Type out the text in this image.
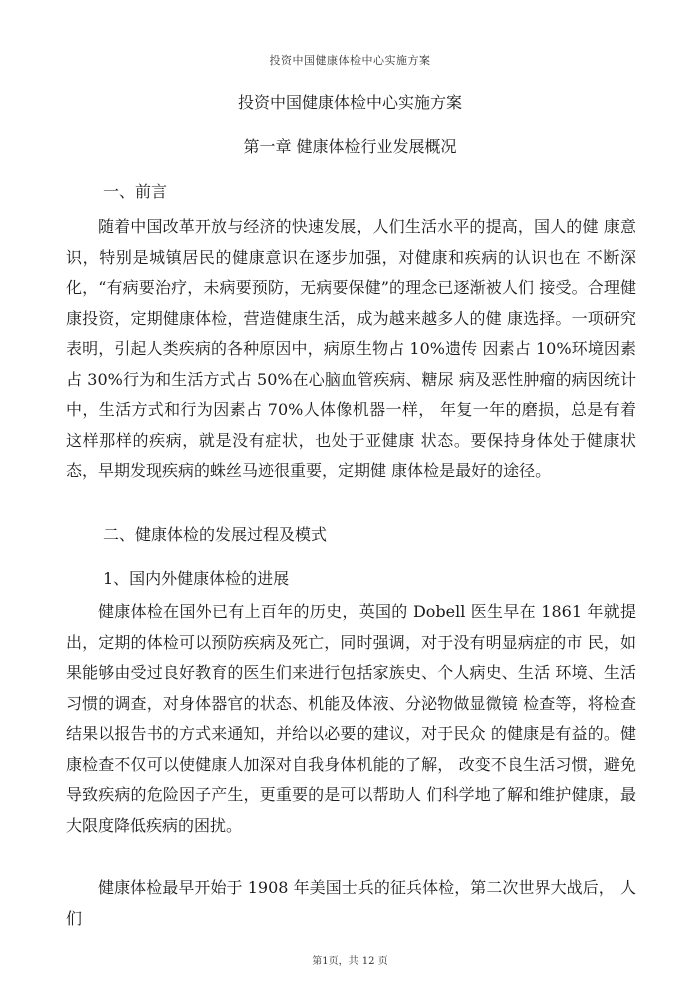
投资中国健康体检中心实施方案
投资中国健康体检中心实施方案
第一章 健康体检行业发展概况
一、前言

随着中国改革开放与经济的快速发展，人们生活水平的提高，国人的健 康意识，特别是城镇居民的健康意识在逐步加强，对健康和疾病的认识也在 不断深化，“有病要治疗，未病要预防，无病要保健”的理念已逐渐被人们 接受。合理健康投资，定期健康体检，营造健康生活，成为越来越多人的健 康选择。一项研究表明，引起人类疾病的各种原因中，病原生物占 10%遗传 因素占 10%环境因素占 30%行为和生活方式占 50%在心脑血管疾病、糖尿 病及恶性肿瘤的病因统计中，生活方式和行为因素占 70%人体像机器一样， 年复一年的磨损，总是有着这样那样的疾病，就是没有症状，也处于亚健康 状态。要保持身体处于健康状态，早期发现疾病的蛛丝马迹很重要，定期健 康体检是最好的途径。

二、健康体检的发展过程及模式
1、国内外健康体检的进展

健康体检在国外已有上百年的历史，英国的 Dobell 医生早在 1861 年就提 出，定期的体检可以预防疾病及死亡，同时强调，对于没有明显病症的市 民，如果能够由受过良好教育的医生们来进行包括家族史、个人病史、生活 环境、生活习惯的调查，对身体器官的状态、机能及体液、分泌物做显微镜 检查等，将检查结果以报告书的方式来通知，并给以必要的建议，对于民众 的健康是有益的。健康检查不仅可以使健康人加深对自我身体机能的了解， 改变不良生活习惯，避免导致疾病的危险因子产生，更重要的是可以帮助人 们科学地了解和维护健康，最大限度降低疾病的困扰。

健康体检最早开始于 1908 年美国士兵的征兵体检，第二次世界大战后， 人们

第1页，共 12 页
